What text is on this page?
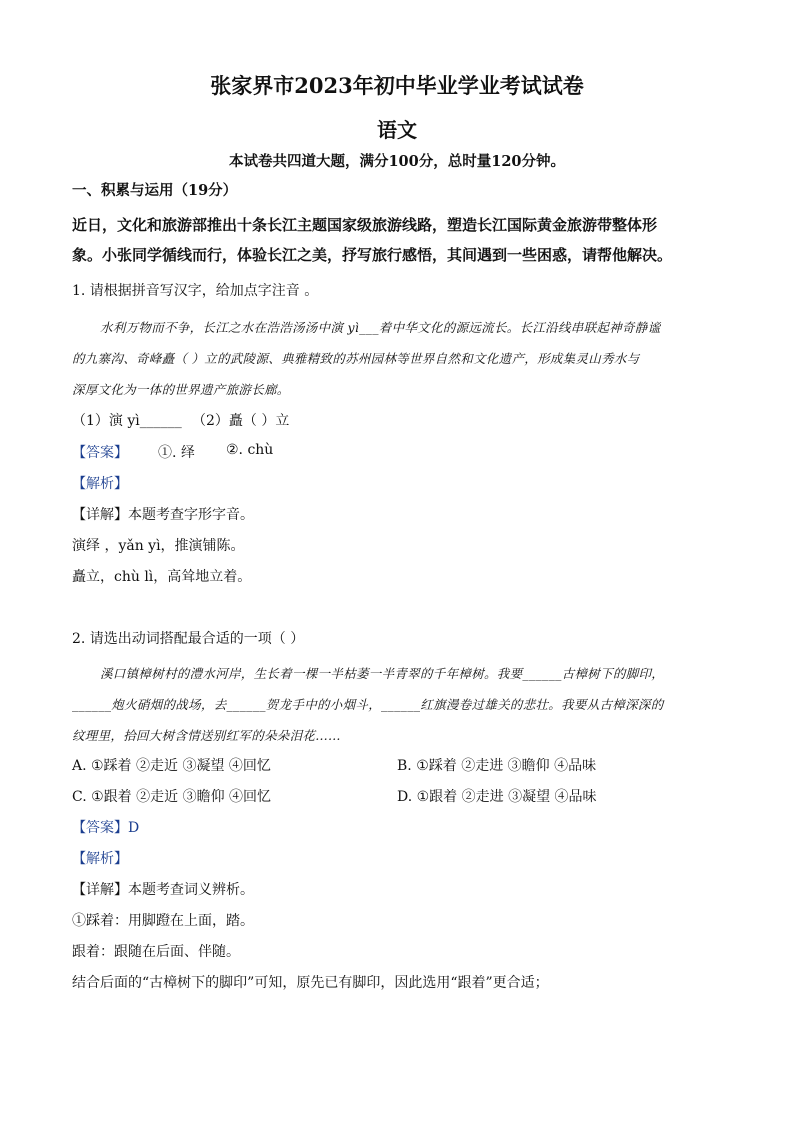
张家界市2023年初中毕业学业考试试卷
语文
本试卷共四道大题，满分100分，总时量120分钟。
一、积累与运用（19分）
近日，文化和旅游部推出十条长江主题国家级旅游线路，塑造长江国际黄金旅游带整体形
象。小张同学循线而行，体验长江之美，抒写旅行感悟，其间遇到一些困惑，请帮他解决。
1. 请根据拼音写汉字，给加点字注音 。
水利万物而不争，长江之水在浩浩汤汤中演 yì___着中华文化的源远流长。长江沿线串联起神奇静谧
的九寨沟、奇峰矗（ ）立的武陵源、典雅精致的苏州园林等世界自然和文化遗产，形成集灵山秀水与
深厚文化为一体的世界遗产旅游长廊。
（1）演 yì______ （2）矗（ ）立
【答案】 ①. 绎 ②. chù
【解析】
【详解】本题考查字形字音。
演绎 ，yǎn yì，推演铺陈。
矗立，chù lì，高耸地立着。
2. 请选出动词搭配最合适的一项（ ）
溪口镇樟树村的澧水河岸，生长着一棵一半枯萎一半青翠的千年樟树。我要______古樟树下的脚印，
______炮火硝烟的战场，去______贺龙手中的小烟斗，______红旗漫卷过雄关的悲壮。我要从古樟深深的
纹理里，拾回大树含情送别红军的朵朵泪花……
A. ①踩着 ②走近 ③凝望 ④回忆	B. ①踩着 ②走进 ③瞻仰 ④品味
C. ①跟着 ②走近 ③瞻仰 ④回忆	D. ①跟着 ②走进 ③凝望 ④品味
【答案】D
【解析】
【详解】本题考查词义辨析。
①踩着：用脚蹬在上面，踏。
跟着：跟随在后面、伴随。
结合后面的“古樟树下的脚印”可知，原先已有脚印，因此选用“跟着”更合适；
